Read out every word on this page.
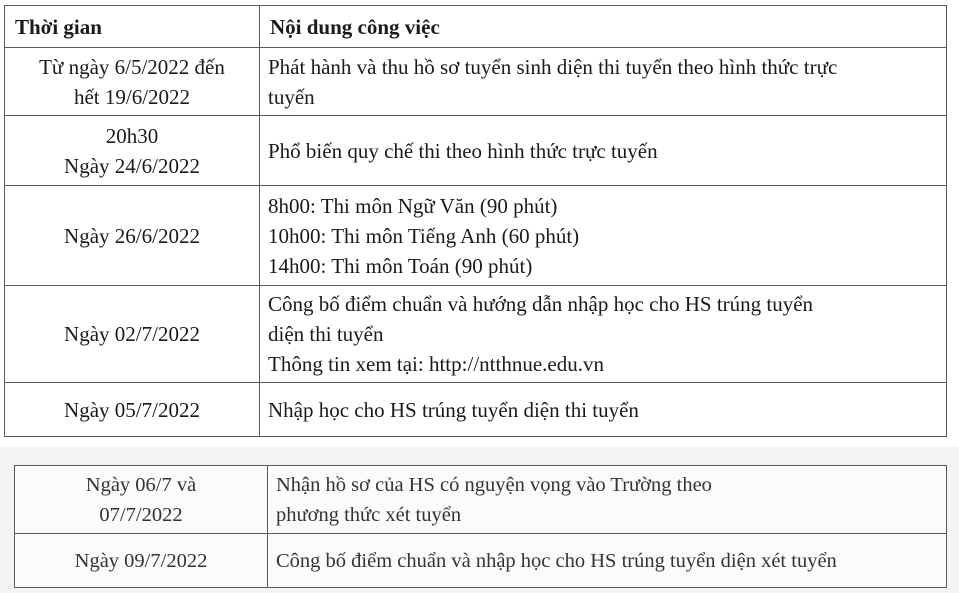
Thời gian	Nội dung công việc

Từ ngày 6/5/2022 đến
hết 19/6/2022	Phát hành và thu hồ sơ tuyển sinh diện thi tuyển theo hình thức trực
tuyến

20h30
Ngày 24/6/2022	Phổ biến quy chế thi theo hình thức trực tuyến

Ngày 26/6/2022	8h00: Thi môn Ngữ Văn (90 phút)
10h00: Thi môn Tiếng Anh (60 phút)
14h00: Thi môn Toán (90 phút)

Ngày 02/7/2022	Công bố điểm chuẩn và hướng dẫn nhập học cho HS trúng tuyển
diện thi tuyển
Thông tin xem tại: http://ntthnue.edu.vn

Ngày 05/7/2022	Nhập học cho HS trúng tuyển diện thi tuyển
Ngày 06/7 và
07/7/2022	Nhận hồ sơ của HS có nguyện vọng vào Trường theo
phương thức xét tuyển

Ngày 09/7/2022	Công bố điểm chuẩn và nhập học cho HS trúng tuyển diện xét tuyển
